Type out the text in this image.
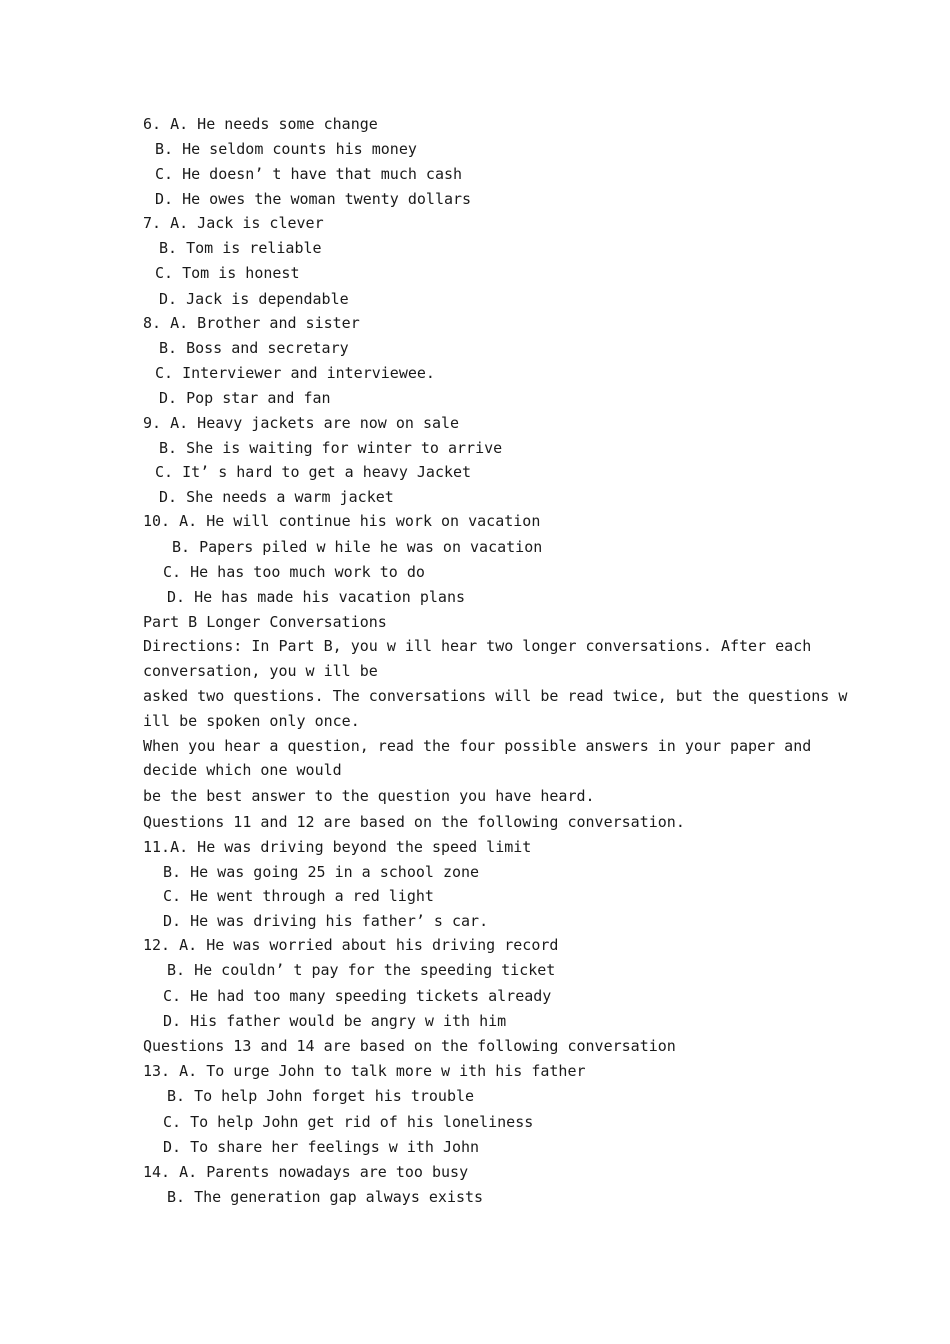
6. A. He needs some change
B. He seldom counts his money
C. He doesn’ t have that much cash
D. He owes the woman twenty dollars
7. A. Jack is clever
B. Tom is reliable
C. Tom is honest
D. Jack is dependable
8. A. Brother and sister
B. Boss and secretary
C. Interviewer and interviewee.
D. Pop star and fan
9. A. Heavy jackets are now on sale
B. She is waiting for winter to arrive
C. It’ s hard to get a heavy Jacket
D. She needs a warm jacket
10. A. He will continue his work on vacation
B. Papers piled w hile he was on vacation
C. He has too much work to do
D. He has made his vacation plans
Part B Longer Conversations
Directions: In Part B, you w ill hear two longer conversations. After each
conversation, you w ill be
asked two questions. The conversations will be read twice, but the questions w
ill be spoken only once.
When you hear a question, read the four possible answers in your paper and
decide which one would
be the best answer to the question you have heard.
Questions 11 and 12 are based on the following conversation.
11.A. He was driving beyond the speed limit
B. He was going 25 in a school zone
C. He went through a red light
D. He was driving his father’ s car.
12. A. He was worried about his driving record
B. He couldn’ t pay for the speeding ticket
C. He had too many speeding tickets already
D. His father would be angry w ith him
Questions 13 and 14 are based on the following conversation
13. A. To urge John to talk more w ith his father
B. To help John forget his trouble
C. To help John get rid of his loneliness
D. To share her feelings w ith John
14. A. Parents nowadays are too busy
B. The generation gap always exists
